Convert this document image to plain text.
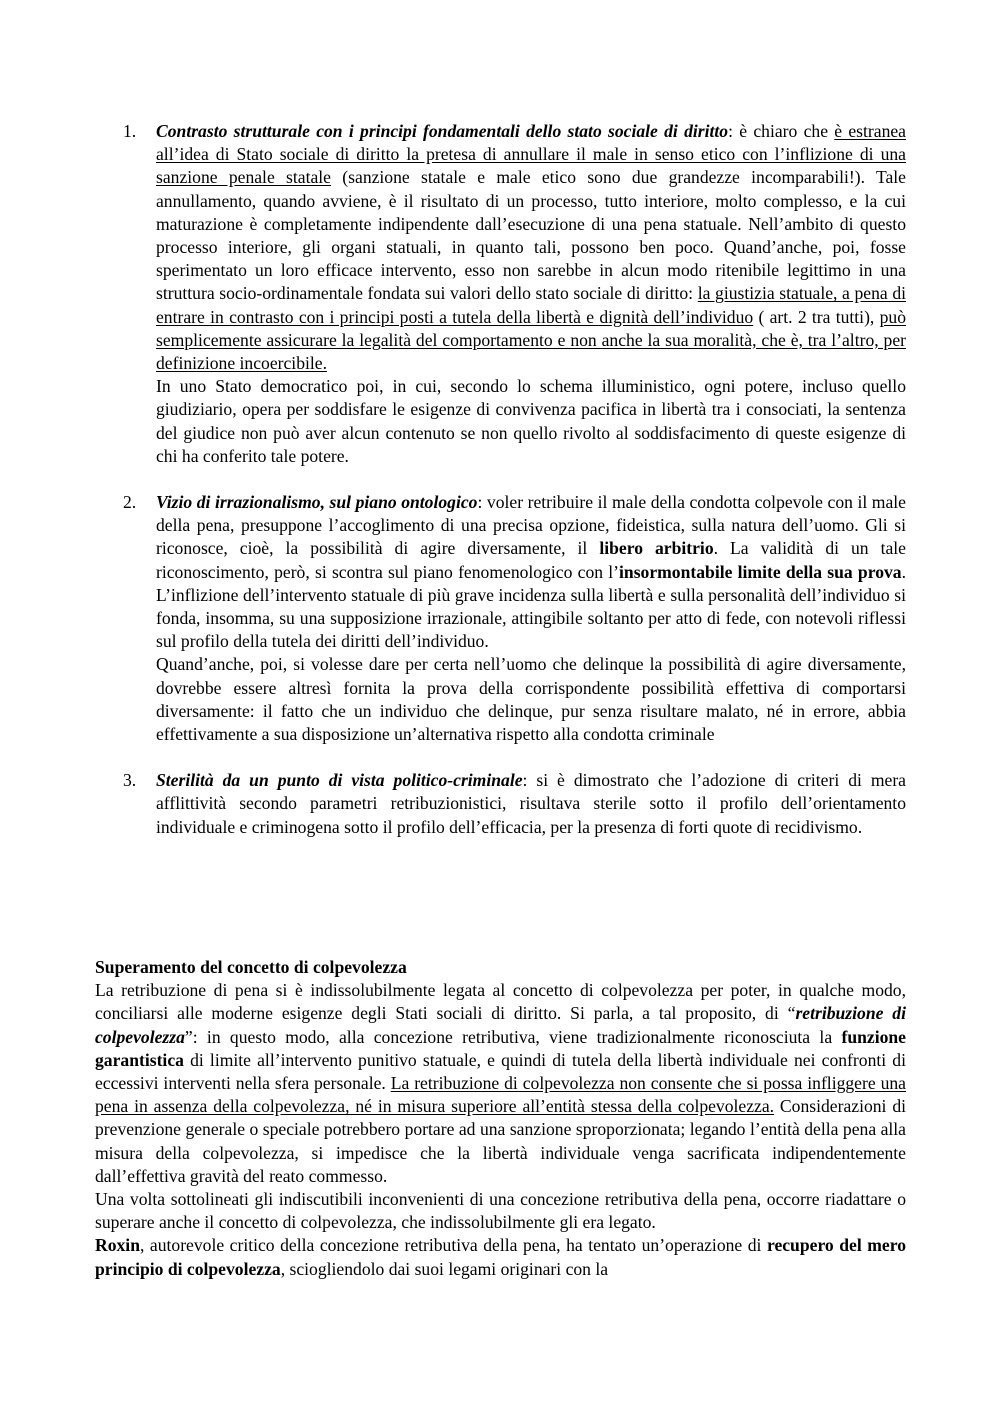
1. Contrasto strutturale con i principi fondamentali dello stato sociale di diritto: è chiaro che è estranea all’idea di Stato sociale di diritto la pretesa di annullare il male in senso etico con l’inflizione di una sanzione penale statale (sanzione statale e male etico sono due grandezze incomparabili!). Tale annullamento, quando avviene, è il risultato di un processo, tutto interiore, molto complesso, e la cui maturazione è completamente indipendente dall’esecuzione di una pena statuale. Nell’ambito di questo processo interiore, gli organi statuali, in quanto tali, possono ben poco. Quand’anche, poi, fosse sperimentato un loro efficace intervento, esso non sarebbe in alcun modo ritenibile legittimo in una struttura socio-ordinamentale fondata sui valori dello stato sociale di diritto: la giustizia statuale, a pena di entrare in contrasto con i principi posti a tutela della libertà e dignità dell’individuo ( art. 2 tra tutti), può semplicemente assicurare la legalità del comportamento e non anche la sua moralità, che è, tra l’altro, per definizione incoercibile.

In uno Stato democratico poi, in cui, secondo lo schema illuministico, ogni potere, incluso quello giudiziario, opera per soddisfare le esigenze di convivenza pacifica in libertà tra i consociati, la sentenza del giudice non può aver alcun contenuto se non quello rivolto al soddisfacimento di queste esigenze di chi ha conferito tale potere.

2. Vizio di irrazionalismo, sul piano ontologico: voler retribuire il male della condotta colpevole con il male della pena, presuppone l’accoglimento di una precisa opzione, fideistica, sulla natura dell’uomo. Gli si riconosce, cioè, la possibilità di agire diversamente, il libero arbitrio. La validità di un tale riconoscimento, però, si scontra sul piano fenomenologico con l’insormontabile limite della sua prova. L’inflizione dell’intervento statuale di più grave incidenza sulla libertà e sulla personalità dell’individuo si fonda, insomma, su una supposizione irrazionale, attingibile soltanto per atto di fede, con notevoli riflessi sul profilo della tutela dei diritti dell’individuo.

Quand’anche, poi, si volesse dare per certa nell’uomo che delinque la possibilità di agire diversamente, dovrebbe essere altresì fornita la prova della corrispondente possibilità effettiva di comportarsi diversamente: il fatto che un individuo che delinque, pur senza risultare malato, né in errore, abbia effettivamente a sua disposizione un’alternativa rispetto alla condotta criminale

3. Sterilità da un punto di vista politico-criminale: si è dimostrato che l’adozione di criteri di mera afflittività secondo parametri retribuzionistici, risultava sterile sotto il profilo dell’orientamento individuale e criminogena sotto il profilo dell’efficacia, per la presenza di forti quote di recidivismo.

Superamento del concetto di colpevolezza

La retribuzione di pena si è indissolubilmente legata al concetto di colpevolezza per poter, in qualche modo, conciliarsi alle moderne esigenze degli Stati sociali di diritto. Si parla, a tal proposito, di “retribuzione di colpevolezza”: in questo modo, alla concezione retributiva, viene tradizionalmente riconosciuta la funzione garantistica di limite all’intervento punitivo statuale, e quindi di tutela della libertà individuale nei confronti di eccessivi interventi nella sfera personale. La retribuzione di colpevolezza non consente che si possa infliggere una pena in assenza della colpevolezza, né in misura superiore all’entità stessa della colpevolezza. Considerazioni di prevenzione generale o speciale potrebbero portare ad una sanzione sproporzionata; legando l’entità della pena alla misura della colpevolezza, si impedisce che la libertà individuale venga sacrificata indipendentemente dall’effettiva gravità del reato commesso.

Una volta sottolineati gli indiscutibili inconvenienti di una concezione retributiva della pena, occorre riadattare o superare anche il concetto di colpevolezza, che indissolubilmente gli era legato.

Roxin, autorevole critico della concezione retributiva della pena, ha tentato un’operazione di recupero del mero principio di colpevolezza, sciogliendolo dai suoi legami originari con la
